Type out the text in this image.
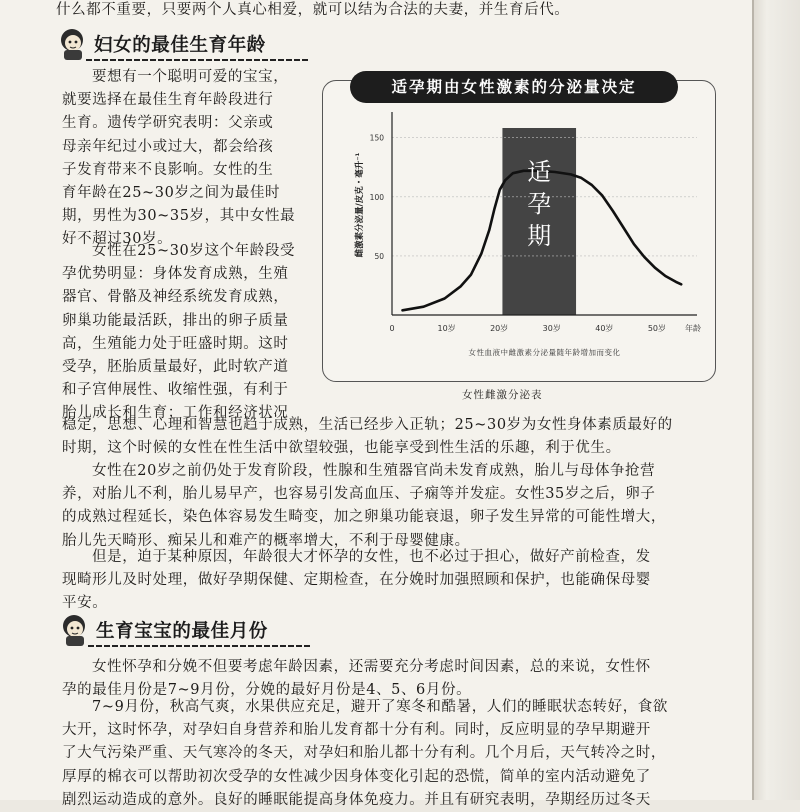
什么都不重要，只要两个人真心相爱，就可以结为合法的夫妻，并生育后代。

妇女的最佳生育年龄

要想有一个聪明可爱的宝宝，

就要选择在最佳生育年龄段进行

生育。遗传学研究表明：父亲或

母亲年纪过小或过大，都会给孩

子发育带来不良影响。女性的生

育年龄在25~30岁之间为最佳时

期，男性为30~35岁，其中女性最

好不超过30岁。

女性在25~30岁这个年龄段受

孕优势明显：身体发育成熟，生殖

器官、骨骼及神经系统发育成熟，

卵巢功能最活跃，排出的卵子质量

高，生殖能力处于旺盛时期。这时

受孕，胚胎质量最好，此时软产道

和子宫伸展性、收缩性强，有利于

胎儿成长和生育；工作和经济状况

适孕期由女性激素的分泌量决定
50
100
150
0	10岁	20岁	30岁	40岁	50岁 年龄
雌激素分泌量/皮克・毫升⁻¹	适
孕
期
女性血液中雌激素分泌量随年龄增加而变化
女性雌激分泌表

稳定，思想、心理和智慧也趋于成熟，生活已经步入正轨；25~30岁为女性身体素质最好的

时期，这个时候的女性在性生活中欲望较强，也能享受到性生活的乐趣，利于优生。

女性在20岁之前仍处于发育阶段，性腺和生殖器官尚未发育成熟，胎儿与母体争抢营

养，对胎儿不利，胎儿易早产，也容易引发高血压、子痫等并发症。女性35岁之后，卵子

的成熟过程延长，染色体容易发生畸变，加之卵巢功能衰退，卵子发生异常的可能性增大，

胎儿先天畸形、痴呆儿和难产的概率增大，不利于母婴健康。

但是，迫于某种原因，年龄很大才怀孕的女性，也不必过于担心，做好产前检查，发

现畸形儿及时处理，做好孕期保健、定期检查，在分娩时加强照顾和保护，也能确保母婴

平安。

生育宝宝的最佳月份

女性怀孕和分娩不但要考虑年龄因素，还需要充分考虑时间因素，总的来说，女性怀

孕的最佳月份是7~9月份，分娩的最好月份是4、5、6月份。

7~9月份，秋高气爽，水果供应充足，避开了寒冬和酷暑，人们的睡眠状态转好，食欲

大开，这时怀孕，对孕妇自身营养和胎儿发育都十分有利。同时，反应明显的孕早期避开

了大气污染严重、天气寒冷的冬天，对孕妇和胎儿都十分有利。几个月后，天气转冷之时，

厚厚的棉衣可以帮助初次受孕的女性减少因身体变化引起的恐慌，简单的室内活动避免了

剧烈运动造成的意外。良好的睡眠能提高身体免疫力。并且有研究表明，孕期经历过冬天
